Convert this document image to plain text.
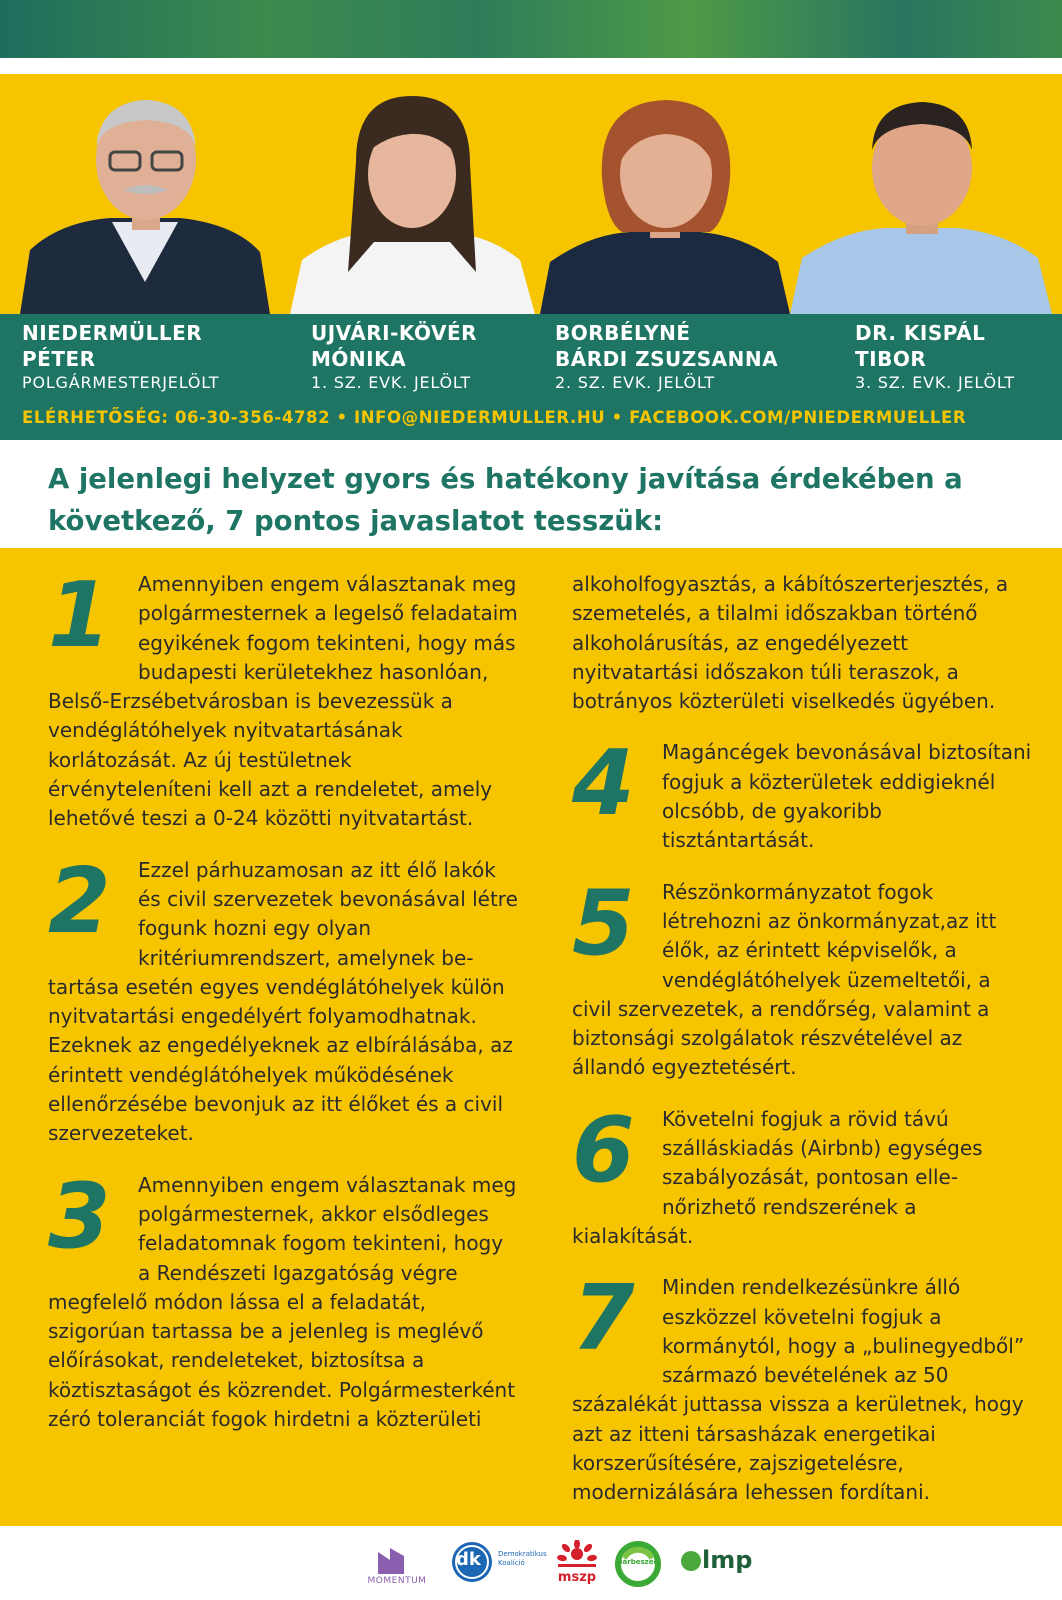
NIEDERMÜLLER
PÉTER
POLGÁRMESTERJELÖLT
UJVÁRI-KÖVÉR
MÓNIKA
1. SZ. EVK. JELÖLT
BORBÉLYNÉ
BÁRDI ZSUZSANNA
2. SZ. EVK. JELÖLT
DR. KISPÁL
TIBOR
3. SZ. EVK. JELÖLT
ELÉRHETŐSÉG: 06-30-356-4782 • INFO@NIEDERMULLER.HU • FACEBOOK.COM/PNIEDERMUELLER
A jelenlegi helyzet gyors és hatékony javítása érdekében a következő, 7 pontos javaslatot tesszük:
1	Amennyiben engem választanak meg polgármesternek a legelső feladataim egyikének fogom tekinteni, hogy más budapesti kerületekhez hasonlóan, Belső-Erzsébetvárosban is bevezessük a vendéglátóhelyek nyitvatartásának korlátozását. Az új testületnek érvényteleníteni kell azt a rendeletet, amely lehetővé teszi a 0-24 közötti nyitvatartást.
2	Ezzel párhuzamosan az itt élő lakók és civil szervezetek bevonásával létre fogunk hozni egy olyan kritériumrendszert, amelynek betartása esetén egyes vendéglátóhelyek külön nyitvatartási engedélyért folyamodhatnak. Ezeknek az engedélyeknek az elbírálásába, az érintett vendéglátóhelyek működésének ellenőrzésébe bevonjuk az itt élőket és a civil szervezeteket.
3	Amennyiben engem választanak meg polgármesternek, akkor elsődleges feladatomnak fogom tekinteni, hogy a Rendészeti Igazgatóság végre megfelelő módon lássa el a feladatát, szigorúan tartassa be a jelenleg is meglévő előírásokat, rendeleteket, biztosítsa a köztisztaságot és közrendet. Polgármesterként zéró toleranciát fogok hirdetni a közterületi
alkoholfogyasztás, a kábítószerterjesztés, a szemetelés, a tilalmi időszakban történő alkoholárusítás, az engedélyezett nyitvatartási időszakon túli teraszok, a botrányos közterületi viselkedés ügyében.
4	Magáncégek bevonásával biztosítani fogjuk a közterületek eddigieknél olcsóbb, de gyakoribb tisztántartását.
5	Részönkormányzatot fogok létrehozni az önkormányzat,az itt élők, az érintett képviselők, a vendéglátóhelyek üzemeltetői, a civil szervezetek, a rendőrség, valamint a biztonsági szolgálatok részvételével az állandó egyeztetésért.
6	Követelni fogjuk a rövid távú szálláskiadás (Airbnb) egységes szabályozását, pontosan ellenőrizhető rendszerének a kialakítását.
7	Minden rendelkezésünkre álló eszközzel követelni fogjuk a kormánytól, hogy a „bulinegyedből” származó bevételének az 50 százalékát juttassa vissza a kerületnek, hogy azt az itteni társasházak energetikai korszerűsítésére, zajszigetelésre, modernizálására lehessen fordítani.
MOMENTUM
dk Demokratikus Koalíció
mszp
párbeszéd lmp
